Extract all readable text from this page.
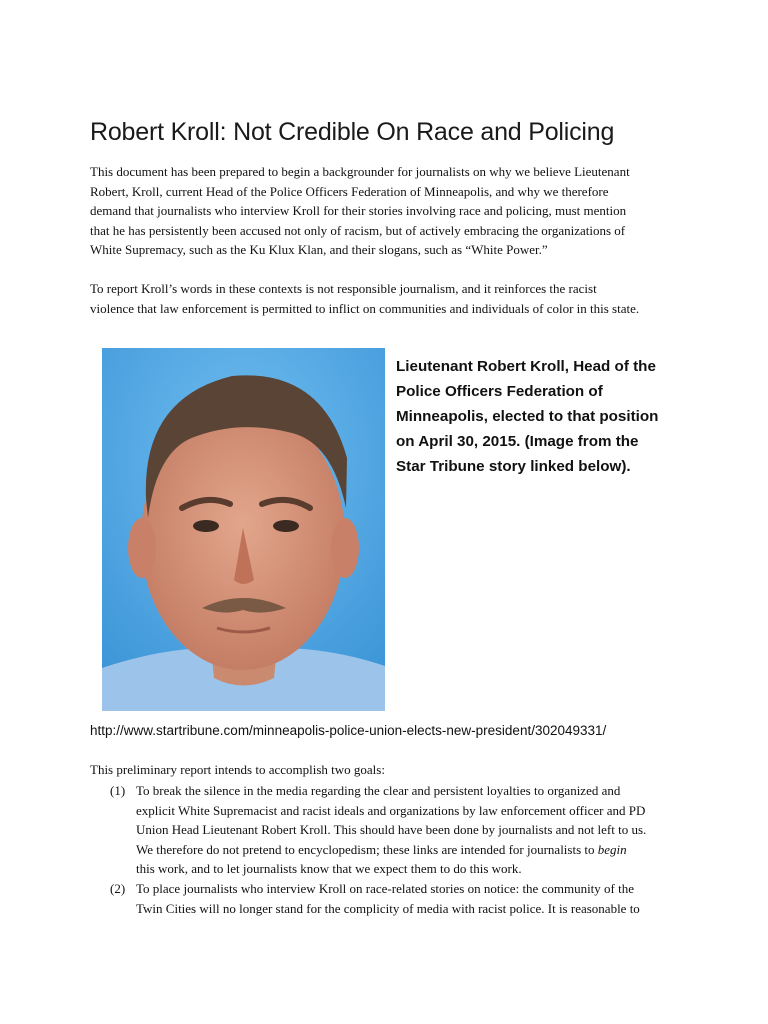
Robert Kroll: Not Credible On Race and Policing
This document has been prepared to begin a backgrounder for journalists on why we believe Lieutenant
Robert, Kroll, current Head of the Police Officers Federation of Minneapolis, and why we therefore
demand that journalists who interview Kroll for their stories involving race and policing, must mention
that he has persistently been accused not only of racism, but of actively embracing the organizations of
White Supremacy, such as the Ku Klux Klan, and their slogans, such as “White Power.”
To report Kroll’s words in these contexts is not responsible journalism, and it reinforces the racist
violence that law enforcement is permitted to inflict on communities and individuals of color in this state.
Lieutenant Robert Kroll, Head of the
Police Officers Federation of
Minneapolis, elected to that position
on April 30, 2015. (Image from the
Star Tribune story linked below).
http://www.startribune.com/minneapolis-police-union-elects-new-president/302049331/
This preliminary report intends to accomplish two goals:
(1) To break the silence in the media regarding the clear and persistent loyalties to organized and
explicit White Supremacist and racist ideals and organizations by law enforcement officer and PD
Union Head Lieutenant Robert Kroll. This should have been done by journalists and not left to us.
We therefore do not pretend to encyclopedism; these links are intended for journalists to begin
this work, and to let journalists know that we expect them to do this work.
(2) To place journalists who interview Kroll on race-related stories on notice: the community of the
Twin Cities will no longer stand for the complicity of media with racist police. It is reasonable to
